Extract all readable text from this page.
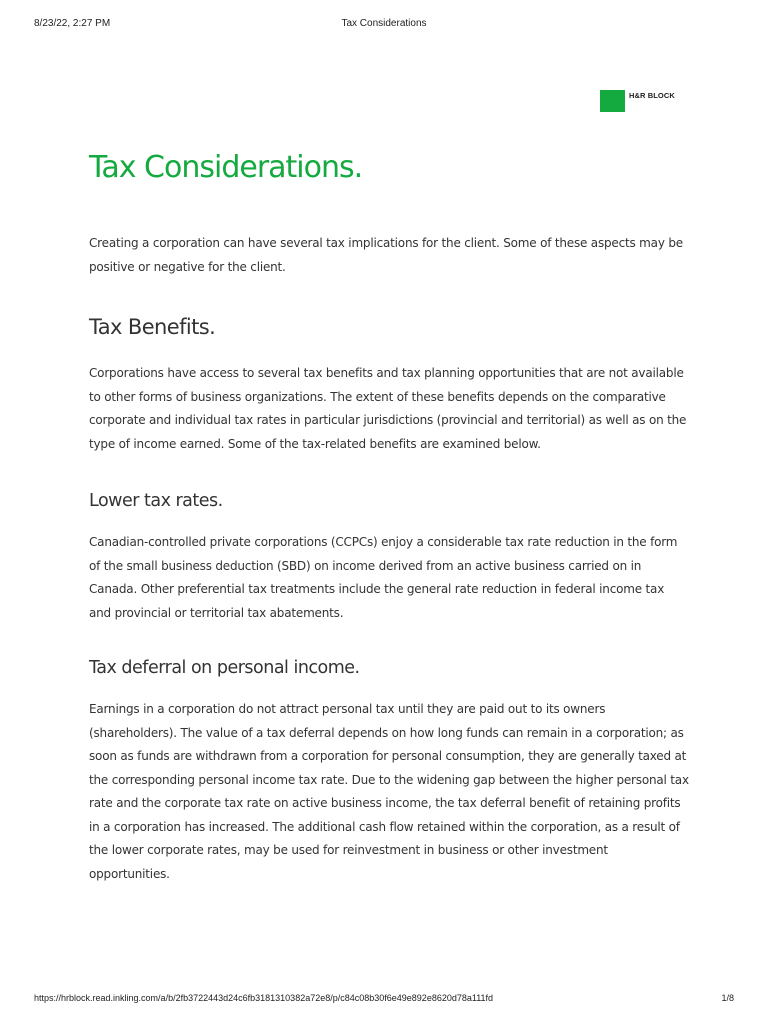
8/23/22, 2:27 PM	Tax Considerations
H&R BLOCK
Tax Considerations.

Creating a corporation can have several tax implications for the client. Some of these aspects may be positive or negative for the client.

Tax Benefits.

Corporations have access to several tax benefits and tax planning opportunities that are not available to other forms of business organizations. The extent of these benefits depends on the comparative corporate and individual tax rates in particular jurisdictions (provincial and territorial) as well as on the type of income earned. Some of the tax-related benefits are examined below.

Lower tax rates.

Canadian-controlled private corporations (CCPCs) enjoy a considerable tax rate reduction in the form of the small business deduction (SBD) on income derived from an active business carried on in Canada. Other preferential tax treatments include the general rate reduction in federal income tax and provincial or territorial tax abatements.

Tax deferral on personal income.

Earnings in a corporation do not attract personal tax until they are paid out to its owners (shareholders). The value of a tax deferral depends on how long funds can remain in a corporation; as soon as funds are withdrawn from a corporation for personal consumption, they are generally taxed at the corresponding personal income tax rate. Due to the widening gap between the higher personal tax rate and the corporate tax rate on active business income, the tax deferral benefit of retaining profits in a corporation has increased. The additional cash flow retained within the corporation, as a result of the lower corporate rates, may be used for reinvestment in business or other investment opportunities.

https://hrblock.read.inkling.com/a/b/2fb3722443d24c6fb3181310382a72e8/p/c84c08b30f6e49e892e8620d78a111fd	1/8
